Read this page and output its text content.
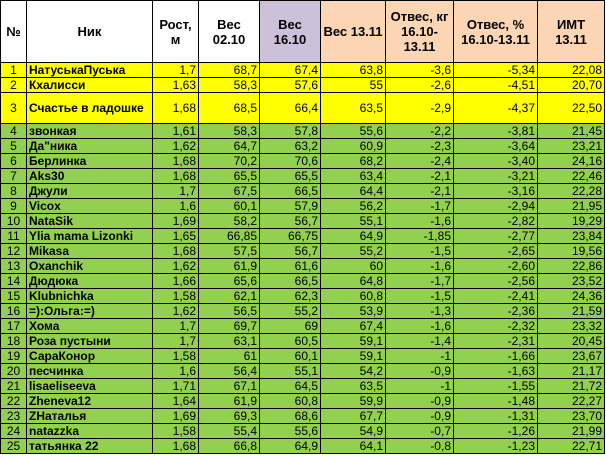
№	Ник	Рост, м	Вес 02.10	Вес 16.10	Вес 13.11	Отвес, кг 16.10-13.11	Отвес, % 16.10-13.11	ИМТ 13.11
1	НатуськаПуська	1,7	68,7	67,4	63,8	-3,6	-5,34	22,08
2	Кхалисси	1,63	58,3	57,6	55	-2,6	-4,51	20,70
3	Счастье в ладошке	1,68	68,5	66,4	63,5	-2,9	-4,37	22,50
4	звонкая	1,61	58,3	57,8	55,6	-2,2	-3,81	21,45
5	Да"ника	1,62	64,7	63,2	60,9	-2,3	-3,64	23,21
6	Берлинка	1,68	70,2	70,6	68,2	-2,4	-3,40	24,16
7	Aks30	1,68	65,5	65,5	63,4	-2,1	-3,21	22,46
8	Джули	1,7	67,5	66,5	64,4	-2,1	-3,16	22,28
9	Vicox	1,6	60,1	57,9	56,2	-1,7	-2,94	21,95
10	NataSik	1,69	58,2	56,7	55,1	-1,6	-2,82	19,29
11	Ylia mama Lizonki	1,65	66,85	66,75	64,9	-1,85	-2,77	23,84
12	Mikasa	1,68	57,5	56,7	55,2	-1,5	-2,65	19,56
13	Oxanchik	1,62	61,9	61,6	60	-1,6	-2,60	22,86
14	Дюдюка	1,66	65,6	66,5	64,8	-1,7	-2,56	23,52
15	Klubnichka	1,58	62,1	62,3	60,8	-1,5	-2,41	24,36
16	=):Ольга:=)	1,62	56,5	55,2	53,9	-1,3	-2,36	21,59
17	Хома	1,7	69,7	69	67,4	-1,6	-2,32	23,32
18	Роза пустыни	1,7	63,1	60,5	59,1	-1,4	-2,31	20,45
19	СараКонор	1,58	61	60,1	59,1	-1	-1,66	23,67
20	песчинка	1,6	56,4	55,1	54,2	-0,9	-1,63	21,17
21	lisaeliseeva	1,71	67,1	64,5	63,5	-1	-1,55	21,72
22	Zheneva12	1,64	61,9	60,8	59,9	-0,9	-1,48	22,27
23	ZHаталья	1,69	69,3	68,6	67,7	-0,9	-1,31	23,70
24	natazzka	1,58	55,4	55,6	54,9	-0,7	-1,26	21,99
25	татьянка 22	1,68	66,8	64,9	64,1	-0,8	-1,23	22,71
